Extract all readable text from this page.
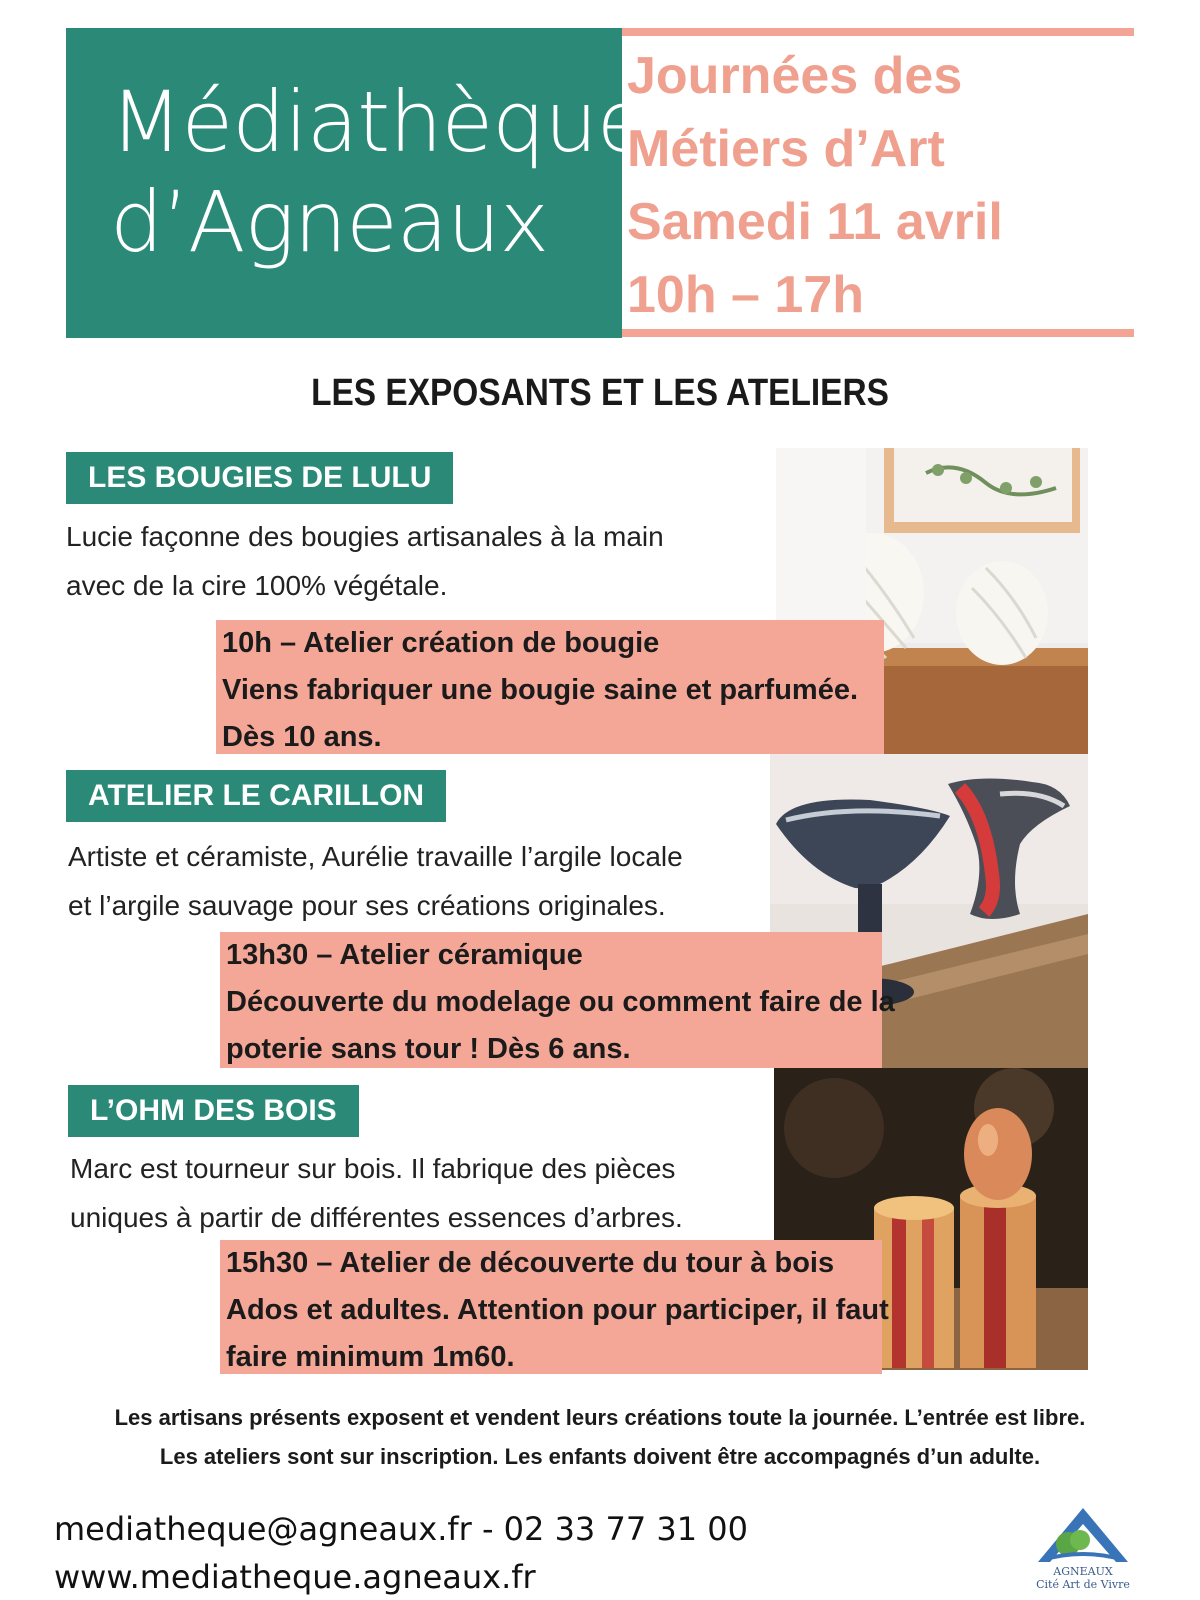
Médiathèque
d’Agneaux
Journées des
Métiers d’Art
Samedi 11 avril
10h – 17h
LES EXPOSANTS ET LES ATELIERS
LES BOUGIES DE LULU
Lucie façonne des bougies artisanales à la main
avec de la cire 100% végétale.
10h – Atelier création de bougie
Viens fabriquer une bougie saine et parfumée.
Dès 10 ans.
ATELIER LE CARILLON
Artiste et céramiste, Aurélie travaille l’argile locale
et l’argile sauvage pour ses créations originales.
13h30 – Atelier céramique
Découverte du modelage ou comment faire de la
poterie sans tour ! Dès 6 ans.
L’OHM DES BOIS
Marc est tourneur sur bois. Il fabrique des pièces
uniques à partir de différentes essences d’arbres.
15h30 – Atelier de découverte du tour à bois
Ados et adultes. Attention pour participer, il faut
faire minimum 1m60.
Les artisans présents exposent et vendent leurs créations toute la journée. L’entrée est libre.
Les ateliers sont sur inscription. Les enfants doivent être accompagnés d’un adulte.
mediatheque@agneaux.fr - 02 33 77 31 00
www.mediatheque.agneaux.fr	AGNEAUX
Cité Art de Vivre
